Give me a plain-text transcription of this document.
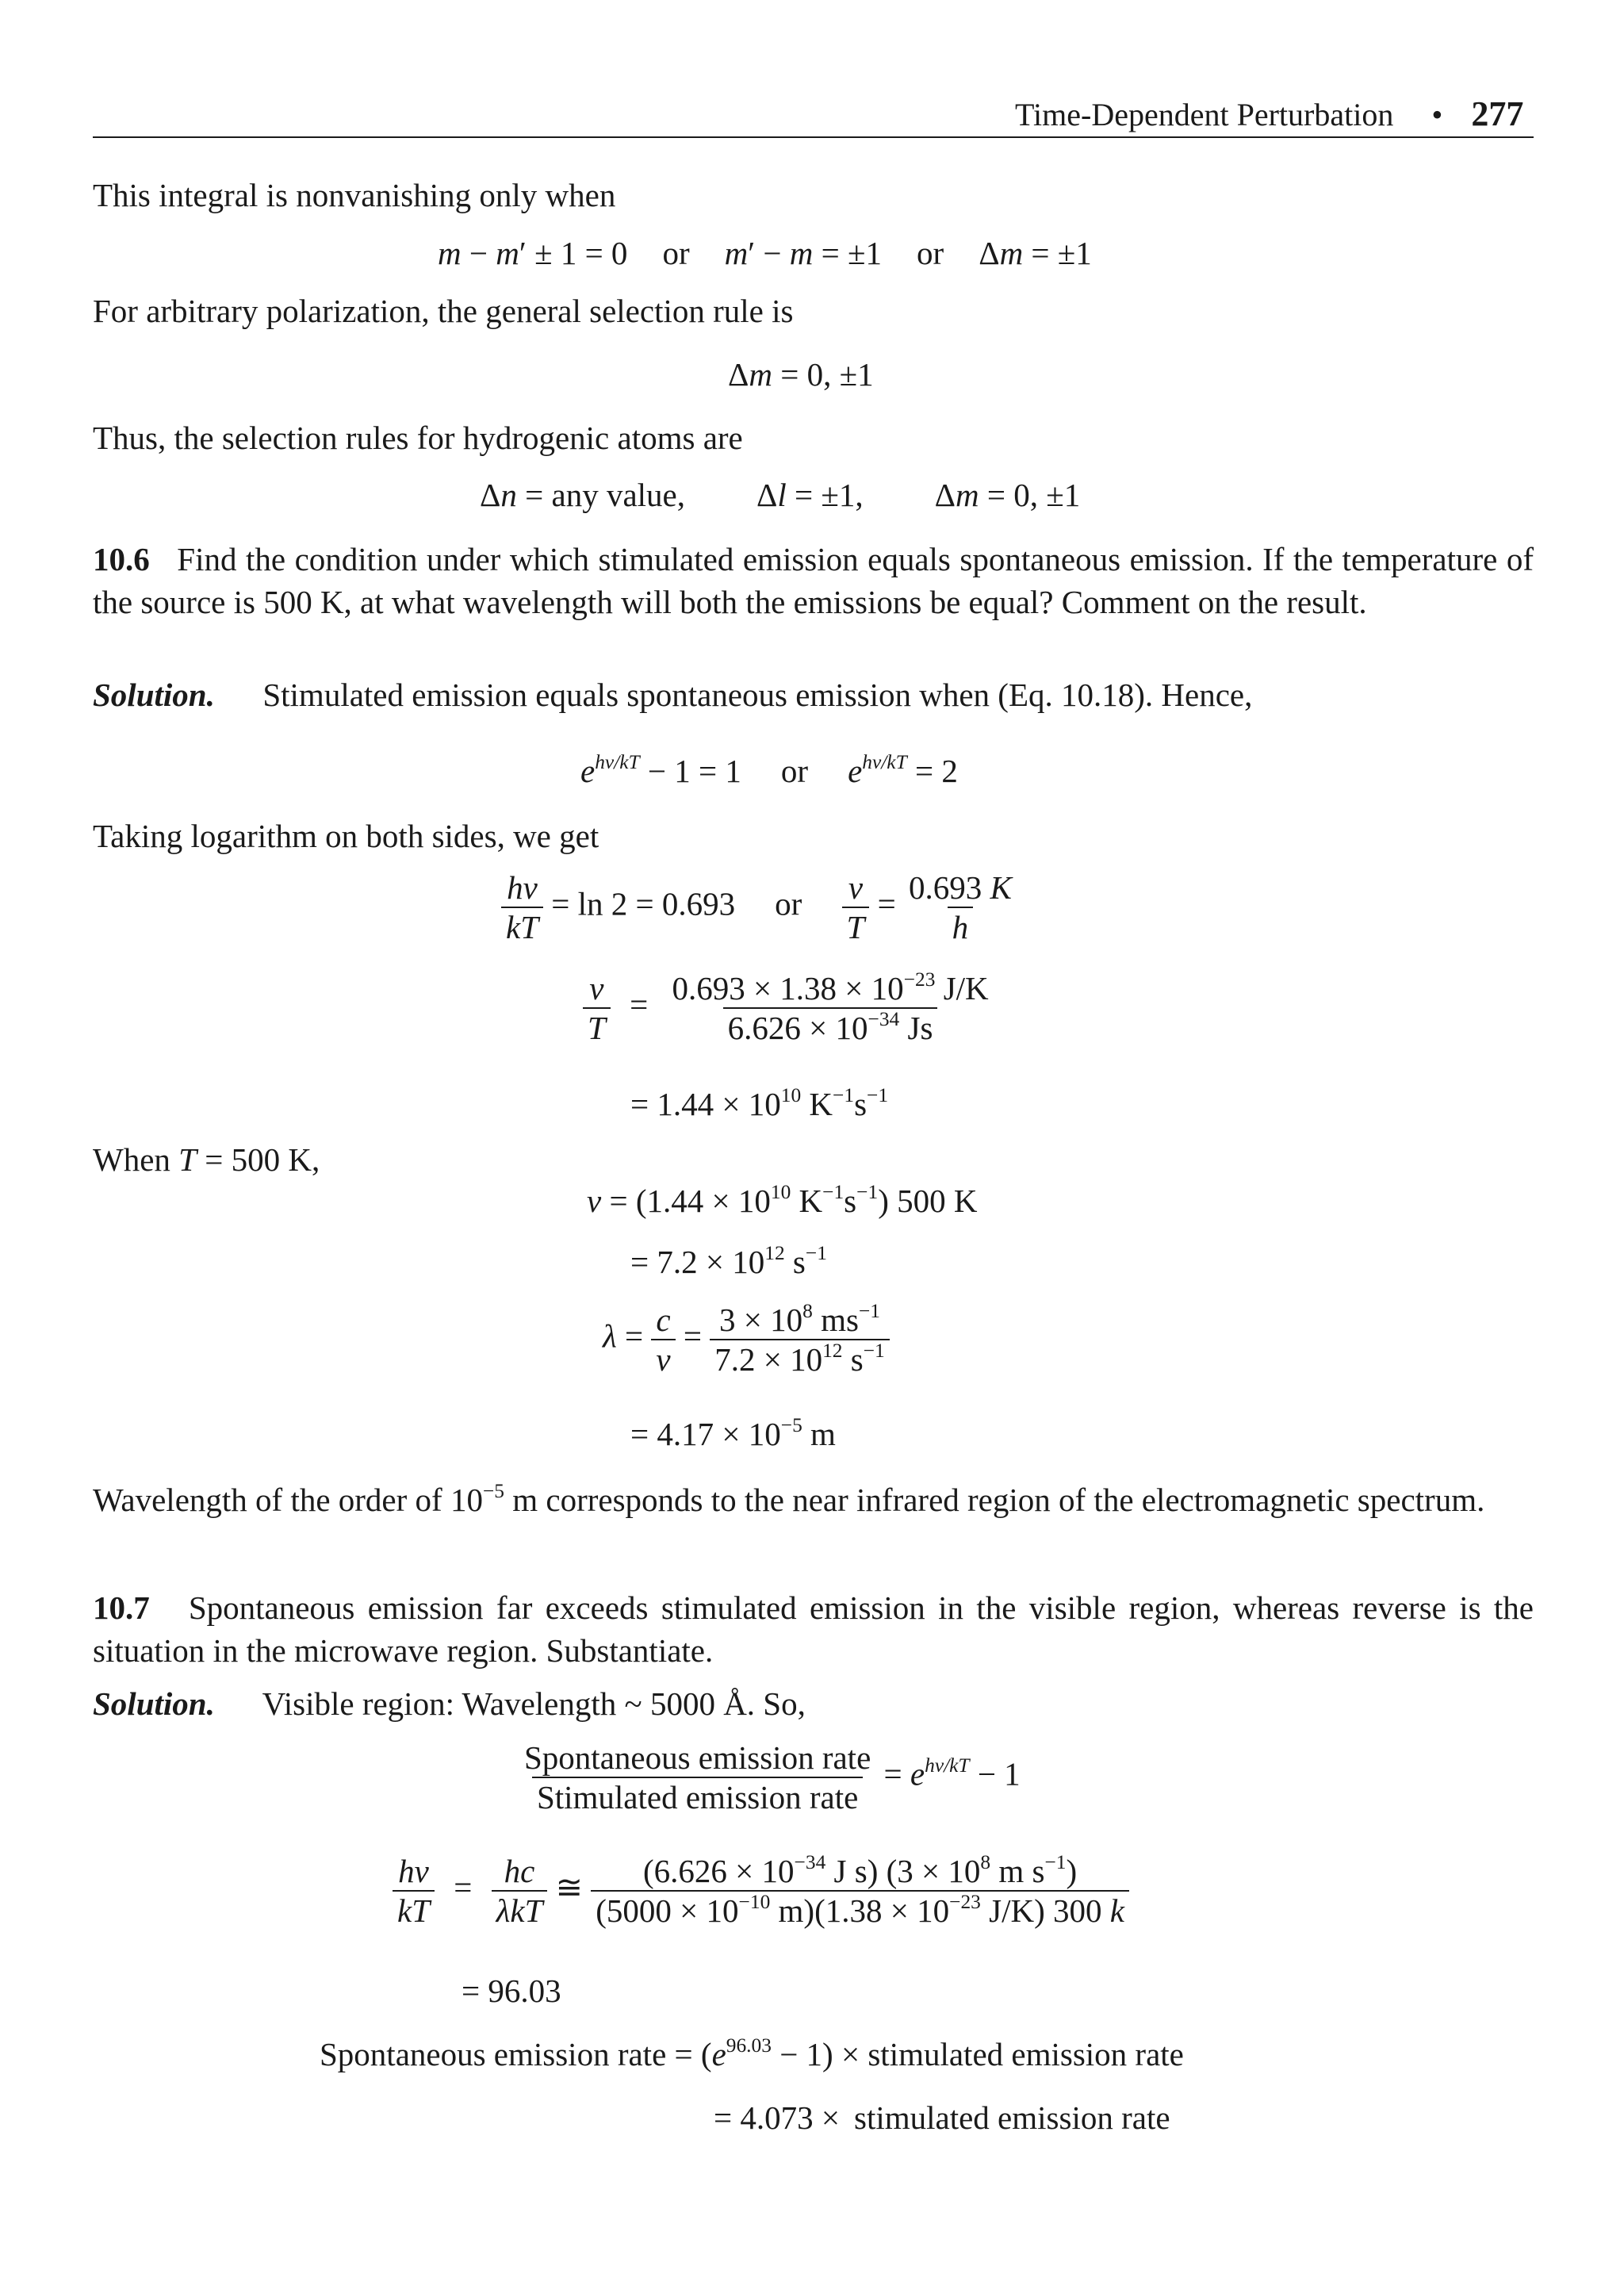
Time-Dependent Perturbation • 277
This integral is nonvanishing only when
m − m′ ± 1 = 0 or m′ − m = ±1 or Δm = ±1
For arbitrary polarization, the general selection rule is
Δm = 0, ±1
Thus, the selection rules for hydrogenic atoms are
Δn = any value, Δl = ±1, Δm = 0, ±1
10.6 Find the condition under which stimulated emission equals spontaneous emission. If the temperature of the source is 500 K, at what wavelength will both the emissions be equal? Comment on the result.
Solution. Stimulated emission equals spontaneous emission when (Eq. 10.18). Hence,
$e^{h\nu/kT} - 1 = 1$ or $e^{h\nu/kT} = 2$
Taking logarithm on both sides, we get
$\frac{h\nu}{kT} = \ln 2 = 0.693$ or $\frac{\nu}{T} = \frac{0.693 K}{h}$
$\frac{\nu}{T} = \frac{0.693 \times 1.38 \times 10^{-23} J/K}{6.626 \times 10^{-34} Js}$
= $1.44 \times 10^{10}$ $K^{-1}s^{-1}$
When T = 500 K,
$\nu = (1.44 \times 10^{10}$ $K^{-1}s^{-1}$) 500 K
= $7.2 \times 10^{12}$ $s^{-1}$
$\lambda = \frac{c}{\nu} = \frac{3 \times 10^8 ms^{-1}}{7.2 \times 10^{12} s^{-1}}$
= $4.17 \times 10^{-5}$ m
Wavelength of the order of $10^{-5}$ m corresponds to the near infrared region of the electromagnetic spectrum.
10.7 Spontaneous emission far exceeds stimulated emission in the visible region, whereas reverse is the situation in the microwave region. Substantiate.
Solution. Visible region: Wavelength ~ 5000 Å. So,
$\frac{\text{Spontaneous emission rate}}{\text{Stimulated emission rate}} = e^{h\nu/kT} - 1$
$\frac{h\nu}{kT} = \frac{hc}{\text{λkT}}$ ≅ $\frac{(6.626 \times 10^{-34} J s) (3 \times 10^8 m s^{-1})}{(5000 \times 10^{-10} m)(1.38 \times 10^{-23} J/K) 300 k}$
= 96.03
Spontaneous emission rate = $(e^{96.03} - 1)$ × stimulated emission rate
= 4.073 × stimulated emission rate
